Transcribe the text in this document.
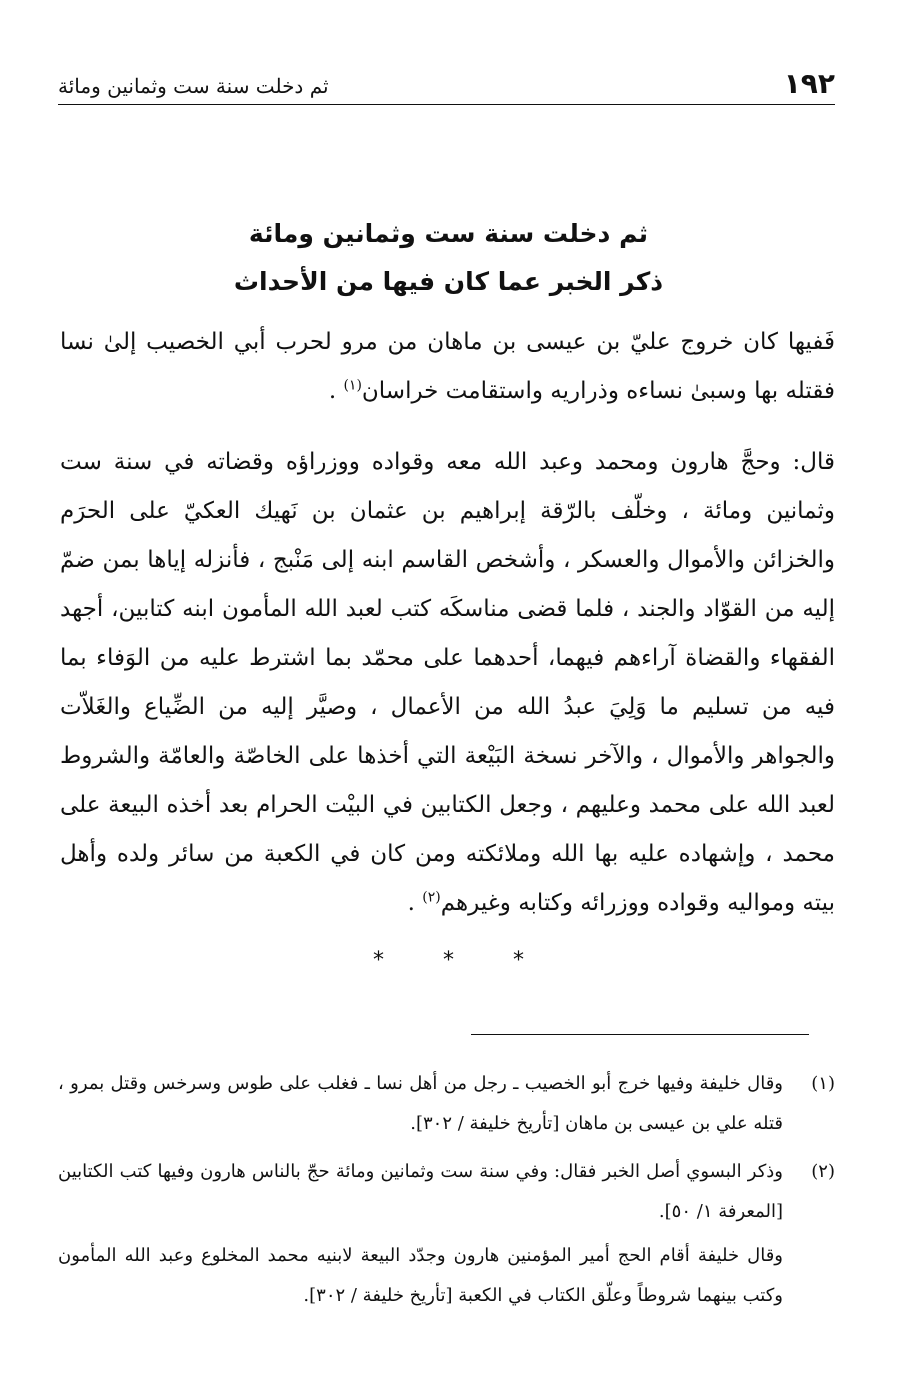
١٩٢
ثم دخلت سنة ست وثمانين ومائة
ثم دخلت سنة ست وثمانين ومائة
ذكر الخبر عما كان فيها من الأحداث

فَفيها كان خروج عليّ بن عيسى بن ماهان من مرو لحرب أبي الخصيب إلىٰ نسا فقتله بها وسبىٰ نساءه وذراريه واستقامت خراسان$^{(١)}$ .

قال: وحجَّ هارون ومحمد وعبد الله معه وقواده ووزراؤه وقضاته في سنة ست وثمانين ومائة ، وخلّف بالرّقة إبراهيم بن عثمان بن نَهيك العكيّ على الحرَم والخزائن والأموال والعسكر ، وأشخص القاسم ابنه إلى مَنْبج ، فأنزله إياها بمن ضمّ إليه من القوّاد والجند ، فلما قضى مناسكَه كتب لعبد الله المأمون ابنه كتابين، أجهد الفقهاء والقضاة آراءهم فيهما، أحدهما على محمّد بما اشترط عليه من الوَفاء بما فيه من تسليم ما وَلِيَ عبدُ الله من الأعمال ، وصيَّر إليه من الضِّياع والغَلاّت والجواهر والأموال ، والآخر نسخة البَيْعة التي أخذها على الخاصّة والعامّة والشروط لعبد الله على محمد وعليهم ، وجعل الكتابين في البيْت الحرام بعد أخذه البيعة على محمد ، وإشهاده عليه بها الله وملائكته ومن كان في الكعبة من سائر ولده وأهل بيته ومواليه وقواده ووزرائه وكتابه وغيرهم$^{(٢)}$ .

* * *
(١)

وقال خليفة وفيها خرج أبو الخصيب ـ رجل من أهل نسا ـ فغلب على طوس وسرخس وقتل بمرو ، قتله علي بن عيسى بن ماهان [تأريخ خليفة / ٣٠٢].

(٢)

وذكر البسوي أصل الخبر فقال: وفي سنة ست وثمانين ومائة حجّ بالناس هارون وفيها كتب الكتابين [المعرفة ١/ ٥٠].

وقال خليفة أقام الحج أمير المؤمنين هارون وجدّد البيعة لابنيه محمد المخلوع وعبد الله المأمون وكتب بينهما شروطاً وعلّق الكتاب في الكعبة [تأريخ خليفة / ٣٠٢].
